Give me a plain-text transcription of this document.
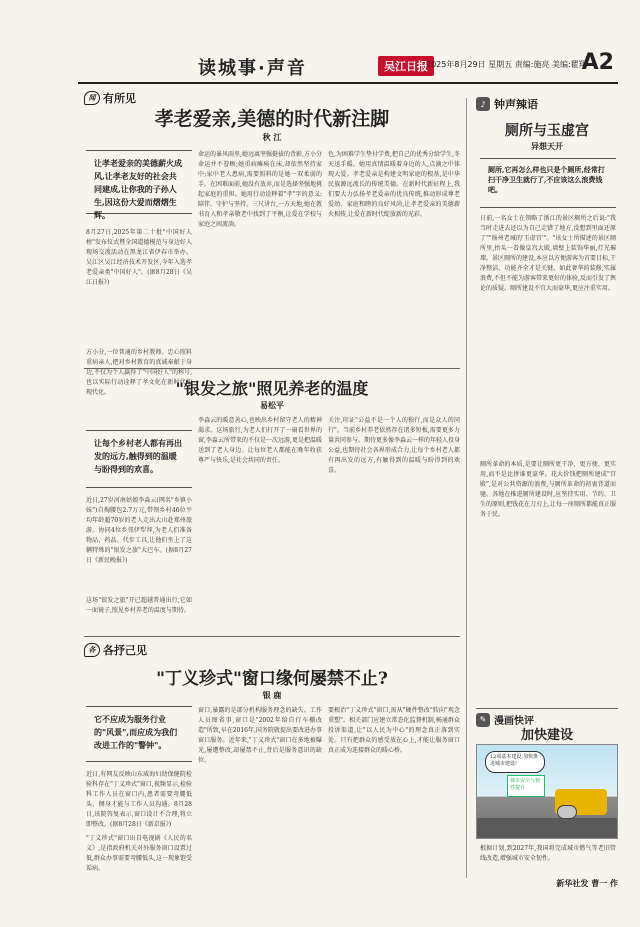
读城事·声音	吴江日报
2025年8月29日 星期五 责编:施亮 美编:瞿翔
A2
闻 有所见
孝老爱亲,美德的时代新注脚
秋 江
让孝老爱亲的美德薪火成风,让孝老友好的社会共同建成,让你我的子孙人生,因这份大爱而熠熠生辉。
8月27日,2025年第二十批"中国好人榜"发布仪式暨全国道德模范与身边好人现场交流活动在黑龙江省伊春市举办。吴江区吴江经济技术开发区,今年入选孝老爱亲类"中国好人"。(据8月28日《吴江日报》)
方小分,一位普通的乡村教师。忠心照料重病亲人,把对乡村教育的真诚奉献于身边,不仅为个人赢得了"中国好人"的称号,也以实际行动诠释了孝文化在新时代的现代化。
命运的暴风雨里,她远离坚强挺拔的背影,方小分命运并不眷顾;她重病瘫痪在床,却依然坚持家中;家中老人患病,需要照料的是她一双柔弱的手。在困难面前,她没有放弃,而是选择坚强地挑起家庭的重担。她用行动诠释着"孝"字的意义:陪伴、守护与坚持。三尺讲台,一方天地,她在教书育人和孝亲敬老中找到了平衡,让爱在学校与家庭之间流淌。
色,为困难学生垫付学费,把自己的优秀分给学生,冬天送手暖。她用真情温暖着身边的人,点滴之中体现大爱。孝老爱亲是构建文明家庭的根基,是中华民族源远流长的传统美德。在新时代新征程上,我们要大力弘扬孝老爱亲的优良传统,推动形成尊老爱幼、家庭和睦的良好风尚,让孝老爱亲的美德薪火相传,让爱在新时代绽放新的光彩。
"银发之旅"照见养老的温度
易松平
让每个乡村老人都有再出发的远方,触得到的温暖与盼得到的欢喜。
近日,27岁河南姑娘李淼云(网名"乡镇小妹")自掏腰包2.7万元,带领乡村46位平均年龄超70岁的老人走出大山赴郑州旅游。协同4位乡邻伊犁拜,为老人们准备物品、药品、代步工具,让他们坐上了这辆特殊的"银发之旅"大巴车。(据8月27日《新民晚报》)
这场"银发之旅"开已超越普通出行,它如一面镜子,照见乡村养老的温度与期待。
李淼云的暖意善心,也映出乡村留守老人的精神渴求。这场旅行,为老人们打开了一扇看世界的窗,李淼云所带来的不仅是一次远游,更是把温暖送到了老人身边。让每位老人都能在晚年收获尊严与快乐,是社会共同的责任。
关注,印证"公益不是一个人的独行,而是众人的同行"。当前乡村养老依然存在诸多短板,需要更多力量共同参与。期待更多像李淼云一样的年轻人投身公益,也期待社会各界形成合力,让每个乡村老人都有再出发的远方,有触得到的温暖与盼得到的欢喜。
各 各抒己见
"丁义珍式"窗口缘何屡禁不止?
银 鹿
它不应成为服务行业的"风景",而应成为我们改进工作的"警钟"。
近日,有网友反映山东威海妇幼保健院检验科存在"丁义珍式"窗口,视频显示,检验科工作人员在窗口内,患者需要弯腰低头、侧身才能与工作人员沟通。8月28日,该院答复表示,窗口设计不合理,将立即整改。(据8月28日《新京报》)
"丁义珍式"窗口出自电视剧《人民的名义》,是指政府机关对外服务窗口设置过低,群众办事需要弯腰低头,这一现象饱受诟病。
窗口,暴露的是部分机构服务理念的缺失。工作人员图省事,窗口是"2002年给自行车棚改造"所致,早在2016年,国务院就提出要改进办事窗口服务。近年来,"丁义珍式"窗口在多地被曝光,屡遭整改,却屡禁不止,背后是服务意识的缺位。
要根治"丁义珍式"窗口,需从"硬件整改"转向"观念重塑"。相关部门应建立常态化监督机制,畅通群众投诉渠道,让"以人民为中心"的理念真正落到实处。只有把群众的感受放在心上,才能让服务窗口真正成为连接群众的暖心桥。
♪ 钟声辣语
厕所与玉虚宫
异想天开
厕所,它再怎么样也只是个厕所,经常打扫干净卫生就行了,不应该这么浪费钱吧。
日前,一名女士在领略了浙江的景区厕所之后说:"我当时走进去还以为自己走错了地方,没想到里面还原了""扬州老城的'玉虚宫'"。"该女士所描述的景区厕所里,抬头一看像皇宫大殿,墙壁上装饰华丽,灯光璀璨。景区厕所的建设,本应以方便游客为首要目标,干净整洁、功能齐全才是关键。如此奢华的装修,实属浪费,不但不能为游客带来更好的体验,反而引发了舆论的质疑。厕所建设不宜大而豪华,更应注重实用。
厕所革命的本质,是要让厕所更干净、更方便、更实用,而不是比拼谁更豪华。花大价钱把厕所建成"宫殿",是对公共资源的浪费,与厕所革命的初衷背道而驰。各地在推进厕所建设时,应坚持实用、节约、卫生的原则,把钱花在刀刃上,让每一座厕所都能真正服务于民。
✎ 漫画快评
加快建设
12项基本建设,加快推进城市建设!
城市安全与韧性提升
根据计划,到2027年,我国将完成城市燃气等老旧管线改造,增强城市安全韧性。
新华社发 曹一 作
